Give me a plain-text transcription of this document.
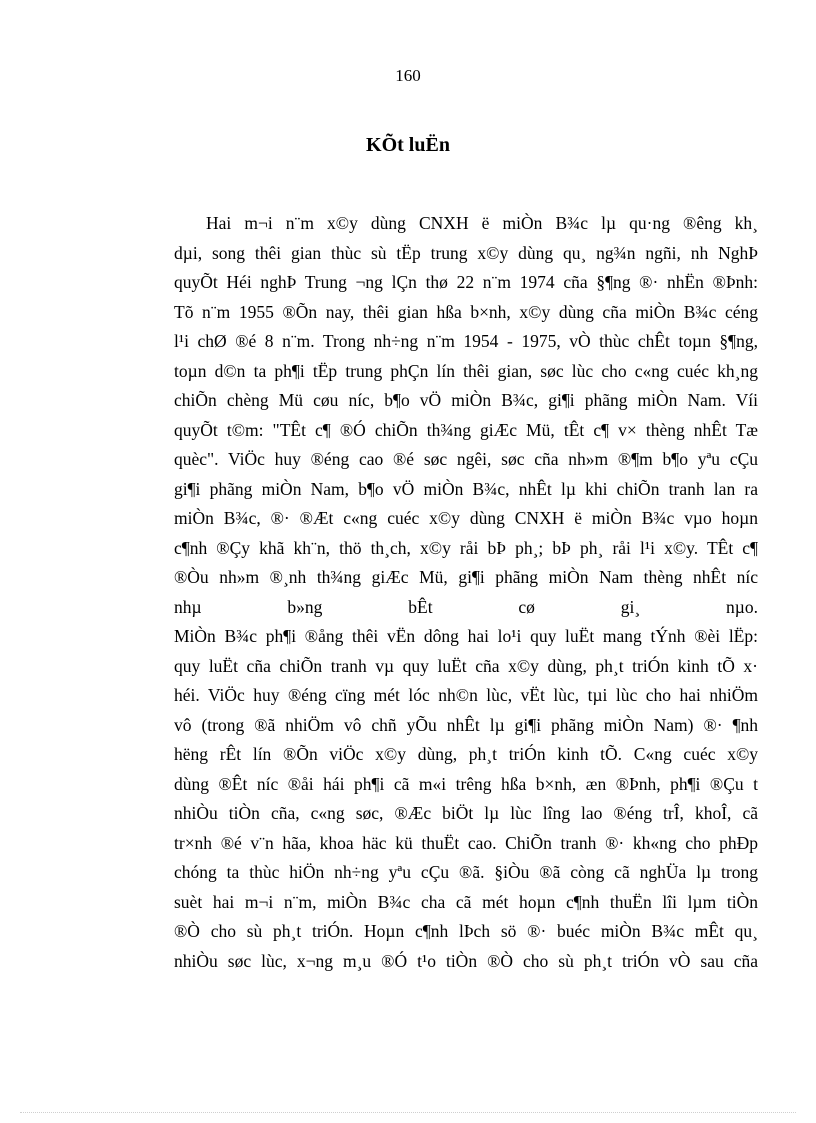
160
KÕt luËn
Hai m¬i n¨m x©y dùng CNXH ë miÒn B¾c lµ qu·ng ®êng kh¸
dµi, song thêi gian thùc sù tËp trung x©y dùng qu¸ ng¾n ngñi, nh NghÞ
quyÕt Héi nghÞ Trung ¬ng lÇn thø 22 n¨m 1974 cña §¶ng ®· nhËn ®Þnh:
Tõ n¨m 1955 ®Õn nay, thêi gian hßa b×nh, x©y dùng cña miÒn B¾c céng
l¹i chØ ®é 8 n¨m. Trong nh÷ng n¨m 1954 - 1975, vÒ thùc chÊt toµn §¶ng,
toµn d©n ta ph¶i tËp trung phÇn lín thêi gian, søc lùc cho c«ng cuéc kh¸ng
chiÕn chèng Mü cøu níc, b¶o vÖ miÒn B¾c, gi¶i phãng miÒn Nam. Víi
quyÕt t©m: "TÊt c¶ ®Ó chiÕn th¾ng giÆc Mü, tÊt c¶ v× thèng nhÊt Tæ
quèc". ViÖc huy ®éng cao ®é søc ngêi, søc cña nh»m ®¶m b¶o yªu cÇu
gi¶i phãng miÒn Nam, b¶o vÖ miÒn B¾c, nhÊt lµ khi chiÕn tranh lan ra
miÒn B¾c, ®· ®Æt c«ng cuéc x©y dùng CNXH ë miÒn B¾c vµo hoµn
c¶nh ®Çy khã kh¨n, thö th¸ch, x©y råi bÞ ph¸; bÞ ph¸ råi l¹i x©y. TÊt c¶
®Òu nh»m ®¸nh th¾ng giÆc Mü, gi¶i phãng miÒn Nam thèng nhÊt níc
nhµ b»ng bÊt cø gi¸ nµo.
MiÒn B¾c ph¶i ®ång thêi vËn dông hai lo¹i quy luËt mang tÝnh ®èi lËp:
quy luËt cña chiÕn tranh vµ quy luËt cña x©y dùng, ph¸t triÓn kinh tÕ x·
héi. ViÖc huy ®éng cïng mét lóc nh©n lùc, vËt lùc, tµi lùc cho hai nhiÖm
vô (trong ®ã nhiÖm vô chñ yÕu nhÊt lµ gi¶i phãng miÒn Nam) ®· ¶nh
hëng rÊt lín ®Õn viÖc x©y dùng, ph¸t triÓn kinh tÕ. C«ng cuéc x©y
dùng ®Êt níc ®åi hái ph¶i cã m«i trêng hßa b×nh, æn ®Þnh, ph¶i ®Çu t
nhiÒu tiÒn cña, c«ng søc, ®Æc biÖt lµ lùc lîng lao ®éng trÎ, khoÎ, cã
tr×nh ®é v¨n hãa, khoa häc kü thuËt cao. ChiÕn tranh ®· kh«ng cho phÐp
chóng ta thùc hiÖn nh÷ng yªu cÇu ®ã. §iÒu ®ã còng cã nghÜa lµ trong
suèt hai m¬i n¨m, miÒn B¾c cha cã mét hoµn c¶nh thuËn lîi lµm tiÒn
®Ò cho sù ph¸t triÓn. Hoµn c¶nh lÞch sö ®· buéc miÒn B¾c mÊt qu¸
nhiÒu søc lùc, x¬ng m¸u ®Ó t¹o tiÒn ®Ò cho sù ph¸t triÓn vÒ sau cña
